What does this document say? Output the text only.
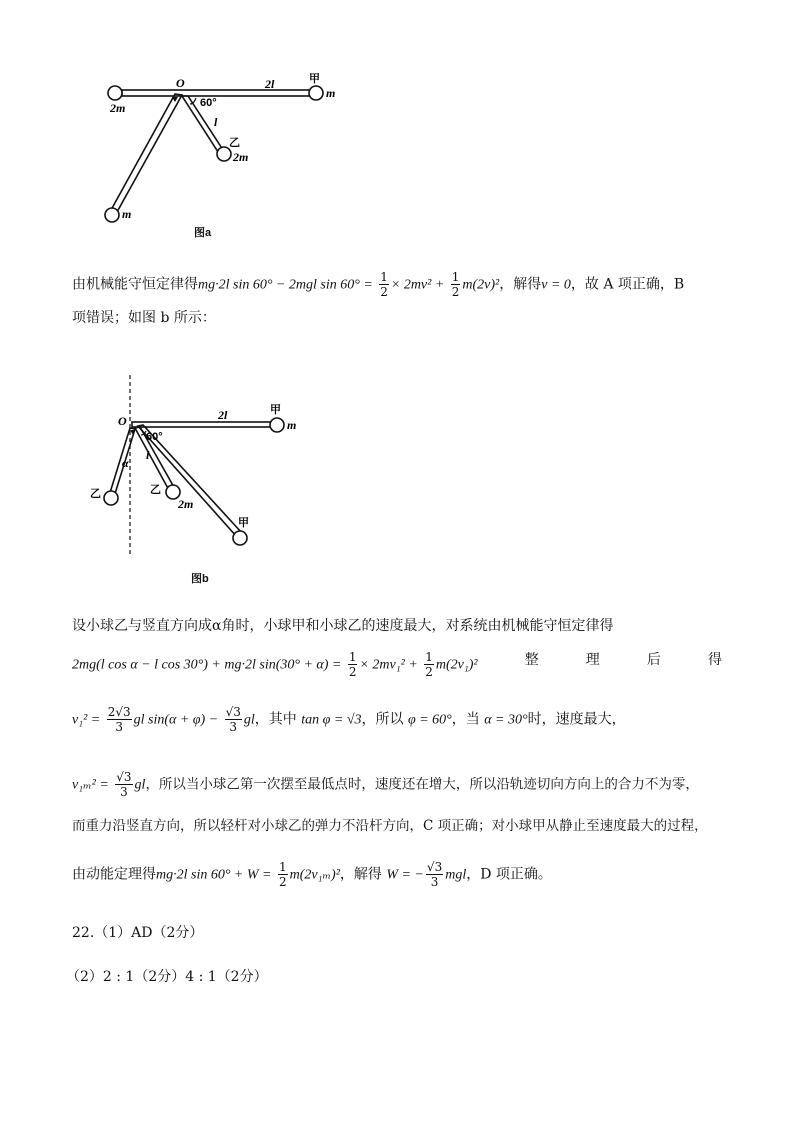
O	2l	甲
m
2m	60°
l
乙
2m
m
图a
由机械能守恒定律得mg·2l sin 60° − 2mgl $\sin 60^\circ = \frac{1}{2} \times 2mv^2 + \frac{1}{2} m(2v)^2$，解得v = 0，故 A 项正确，B
项错误；如图 b 所示：
O	2l	甲
m
60°
α
l
乙	乙
2m
甲
图b
设小球乙与竖直方向成α角时，小球甲和小球乙的速度最大，对系统由机械能守恒定律得
2mg(l cos α − l cos 30°) + mg·2l $\sin(30^\circ + \alpha) = \frac{1}{2} \times 2mv_1^2 + \frac{1}{2} m(2v_1)^2$	整	理	后	得
$v_1^2 = \frac{2√3}{3}$ gl $\sin(\alpha + \varphi) - \frac{√3}{3}$ gl，其中 tan φ = √3，所以 φ = 60°，当 α = 30°时，速度最大，
$v_{1m}^2 = \frac{√3}{3}$ gl，所以当小球乙第一次摆至最低点时，速度还在增大，所以沿轨迹切向方向上的合力不为零，
而重力沿竖直方向，所以轻杆对小球乙的弹力不沿杆方向，C 项正确；对小球甲从静止至速度最大的过程，
由动能定理得mg·2l $\sin 60^\circ + W = \frac{1}{2} m(2v_{1m})^2$，解得 W = − $\frac{√3}{3}$ mgl，D 项正确。
22.（1）AD（2分）
（2）2 : 1（2分）4 : 1（2分）
